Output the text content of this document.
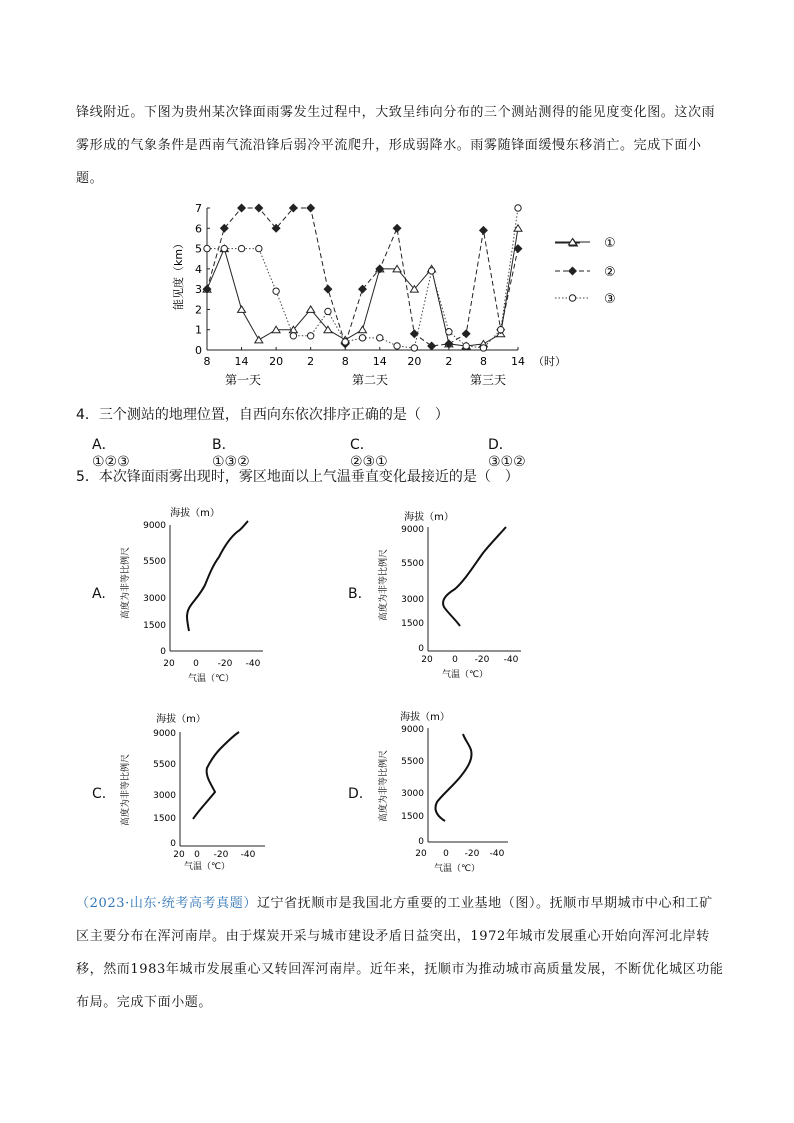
锋线附近。下图为贵州某次锋面雨雾发生过程中，大致呈纬向分布的三个测站测得的能见度变化图。这次雨雾形成的气象条件是西南气流沿锋后弱冷平流爬升，形成弱降水。雨雾随锋面缓慢东移消亡。完成下面小题。
能见度（km）
0
1
2
3
4
5
6
7
8 14 20 2	8 14 20 2	8 14 （时）
第一天	第二天	第三天
①
②
③
4．三个测站的地理位置，自西向东依次排序正确的是（　）
A．①②③
B．①③②
C．②③①
D．③①②
5．本次锋面雨雾出现时，雾区地面以上气温垂直变化最接近的是（　）
A.	B.
C.	D.
海拔（m）
高度为非等比例尺
9000
5500
3000
1500
0
20 0 -20 -40
气温（℃）
海拔（m）
高度为非等比例尺
9000
5500
3000
1500
0
20 0 -20 -40
气温（℃）
海拔（m）
高度为非等比例尺
9000
5500
3000
1500
0
20 0 -20 -40
气温（℃）
海拔（m）
高度为非等比例尺
9000
5500
3000
1500
0
20 0 -20 -40
气温（℃）
（2023·山东·统考高考真题）辽宁省抚顺市是我国北方重要的工业基地（图）。抚顺市早期城市中心和工矿区主要分布在浑河南岸。由于煤炭开采与城市建设矛盾日益突出，1972年城市发展重心开始向浑河北岸转移，然而1983年城市发展重心又转回浑河南岸。近年来，抚顺市为推动城市高质量发展，不断优化城区功能布局。完成下面小题。
